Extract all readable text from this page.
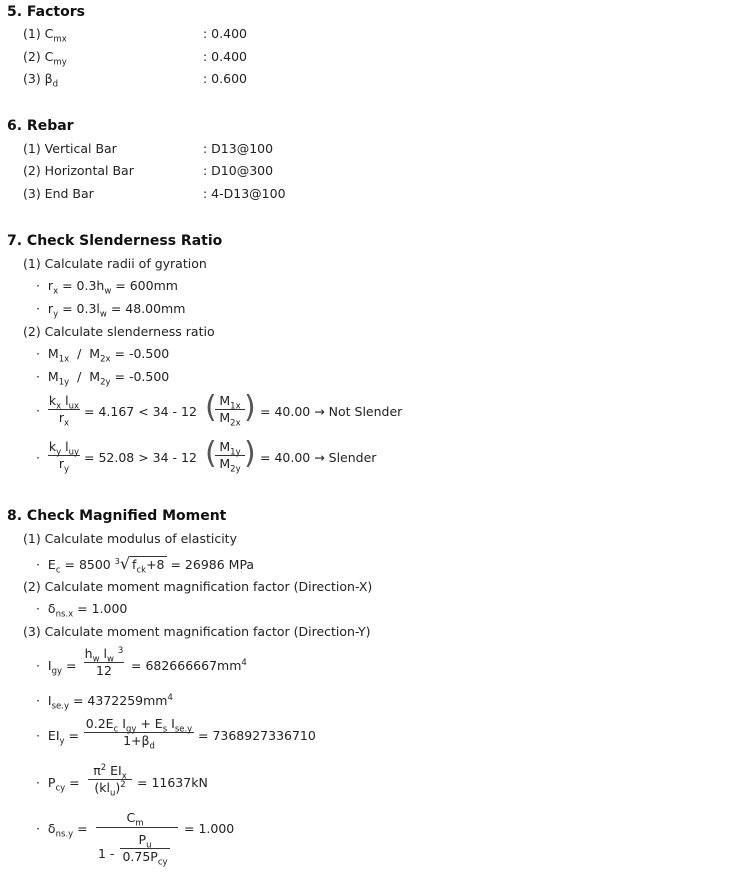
5. Factors
(1) $C_{mx}$	: 0.400
(2) $C_{my}$	: 0.400
(3) $\beta_d$	: 0.600
6. Rebar
(1) Vertical Bar	: D13@100
(2) Horizontal Bar	: D10@300
(3) End Bar	: 4-D13@100
7. Check Slenderness Ratio
(1) Calculate radii of gyration
·  $r_x = 0.3h_w = 600mm$
·  $r_y = 0.3l_w = 48.00mm$
(2) Calculate slenderness ratio
·  $M_{1x} / M_{2x} = -0.500$
·  $M_{1y} / M_{2y} = -0.500$
·
$k_x$ $l_{ux}$
$r_x$
= 4.167 < 34 - 12 ( $M_{1x}$
$M_{2x}$ ) = 40.00 → Not Slender
·
$k_y$ $l_{uy}$
$r_y$
= 52.08 > 34 - 12 ( $M_{1y}$
$M_{2y}$ ) = 40.00 → Slender
8. Check Magnified Moment
(1) Calculate modulus of elasticity
·  $E_c = 8500$ $^3$√ $f_{ck}+8 = 26986$ MPa
(2) Calculate moment magnification factor (Direction-X)
·  $\delta_{ns.x} = 1.000$
(3) Calculate moment magnification factor (Direction-Y)
·  $I_{gy}$ =
$h_w$ $l_w$ $^3$
12	= $682666667mm^4$
·  $I_{se.y} = 4372259mm^4$
·  $EI_y$ =
$0.2E_c$ $I_{gy} + E_s$ $I_{se.y}$
$1+\beta_d$
= 7368927336710
·  $P_{cy}$ =
$\pi^2$ $EI_x$
$(kl_u)^2 = 11637kN$
·  $\delta_{ns.y}$ =
$C_m$
1 -
$P_u$
$0.75P_{cy}$
= 1.000
